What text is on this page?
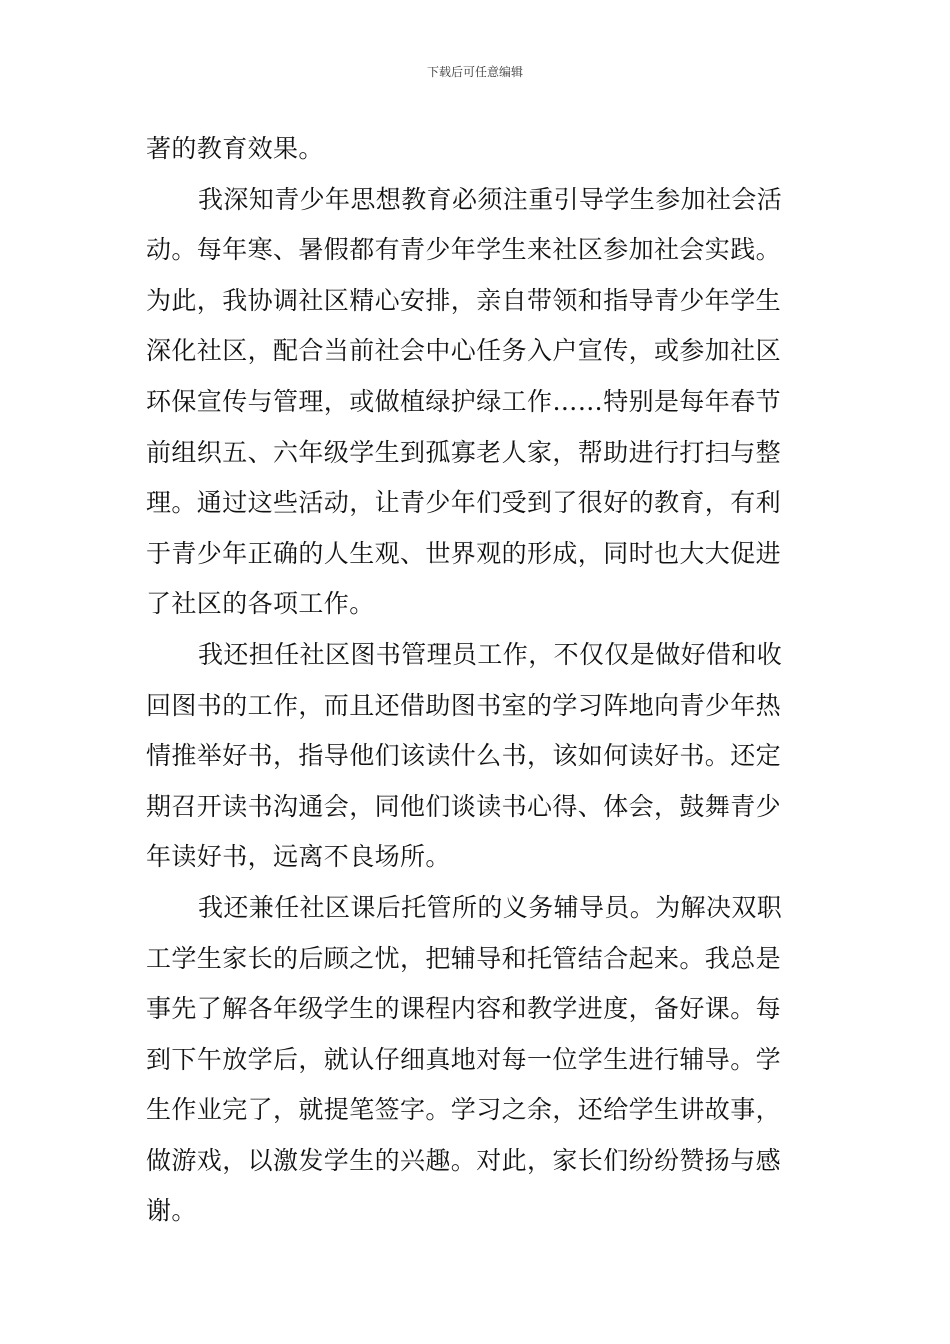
下载后可任意编辑
著的教育效果。
我深知青少年思想教育必须注重引导学生参加社会活
动。每年寒、暑假都有青少年学生来社区参加社会实践。
为此，我协调社区精心安排，亲自带领和指导青少年学生
深化社区，配合当前社会中心任务入户宣传，或参加社区
环保宣传与管理，或做植绿护绿工作……特别是每年春节
前组织五、六年级学生到孤寡老人家，帮助进行打扫与整
理。通过这些活动，让青少年们受到了很好的教育，有利
于青少年正确的人生观、世界观的形成，同时也大大促进
了社区的各项工作。
我还担任社区图书管理员工作，不仅仅是做好借和收
回图书的工作，而且还借助图书室的学习阵地向青少年热
情推举好书，指导他们该读什么书，该如何读好书。还定
期召开读书沟通会，同他们谈读书心得、体会，鼓舞青少
年读好书，远离不良场所。
我还兼任社区课后托管所的义务辅导员。为解决双职
工学生家长的后顾之忧，把辅导和托管结合起来。我总是
事先了解各年级学生的课程内容和教学进度，备好课。每
到下午放学后，就认仔细真地对每一位学生进行辅导。学
生作业完了，就提笔签字。学习之余，还给学生讲故事，
做游戏，以激发学生的兴趣。对此，家长们纷纷赞扬与感
谢。
